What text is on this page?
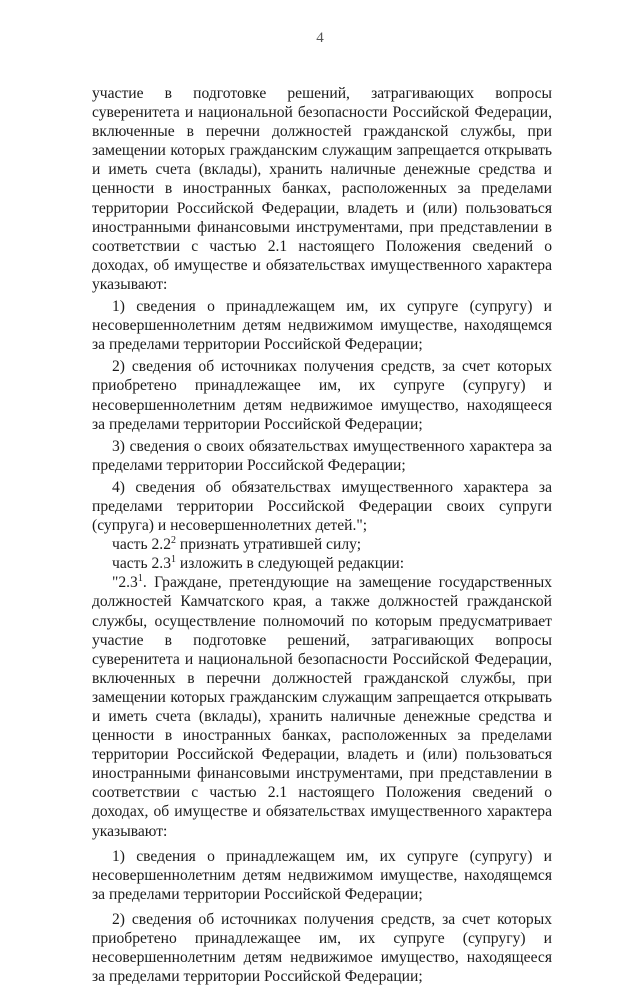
4

участие в подготовке решений, затрагивающих вопросы суверенитета и национальной безопасности Российской Федерации, включенные в перечни должностей гражданской службы, при замещении которых гражданским служащим запрещается открывать и иметь счета (вклады), хранить наличные денежные средства и ценности в иностранных банках, расположенных за пределами территории Российской Федерации, владеть и (или) пользоваться иностранными финансовыми инструментами, при представлении в соответствии с частью 2.1 настоящего Положения сведений о доходах, об имуществе и обязательствах имущественного характера указывают:

1) сведения о принадлежащем им, их супруге (супругу) и несовершеннолетним детям недвижимом имуществе, находящемся за пределами территории Российской Федерации;

2) сведения об источниках получения средств, за счет которых приобретено принадлежащее им, их супруге (супругу) и несовершеннолетним детям недвижимое имущество, находящееся за пределами территории Российской Федерации;

3) сведения о своих обязательствах имущественного характера за пределами территории Российской Федерации;

4) сведения об обязательствах имущественного характера за пределами территории Российской Федерации своих супруги (супруга) и несовершеннолетних детей.";

часть $2.2^2$ признать утратившей силу;

часть $2.3^1$ изложить в следующей редакции:

"$2.3^1$. Граждане, претендующие на замещение государственных должностей Камчатского края, а также должностей гражданской службы, осуществление полномочий по которым предусматривает участие в подготовке решений, затрагивающих вопросы суверенитета и национальной безопасности Российской Федерации, включенных в перечни должностей гражданской службы, при замещении которых гражданским служащим запрещается открывать и иметь счета (вклады), хранить наличные денежные средства и ценности в иностранных банках, расположенных за пределами территории Российской Федерации, владеть и (или) пользоваться иностранными финансовыми инструментами, при представлении в соответствии с частью 2.1 настоящего Положения сведений о доходах, об имуществе и обязательствах имущественного характера указывают:

1) сведения о принадлежащем им, их супруге (супругу) и несовершеннолетним детям недвижимом имуществе, находящемся за пределами территории Российской Федерации;

2) сведения об источниках получения средств, за счет которых приобретено принадлежащее им, их супруге (супругу) и несовершеннолетним детям недвижимое имущество, находящееся за пределами территории Российской Федерации;
